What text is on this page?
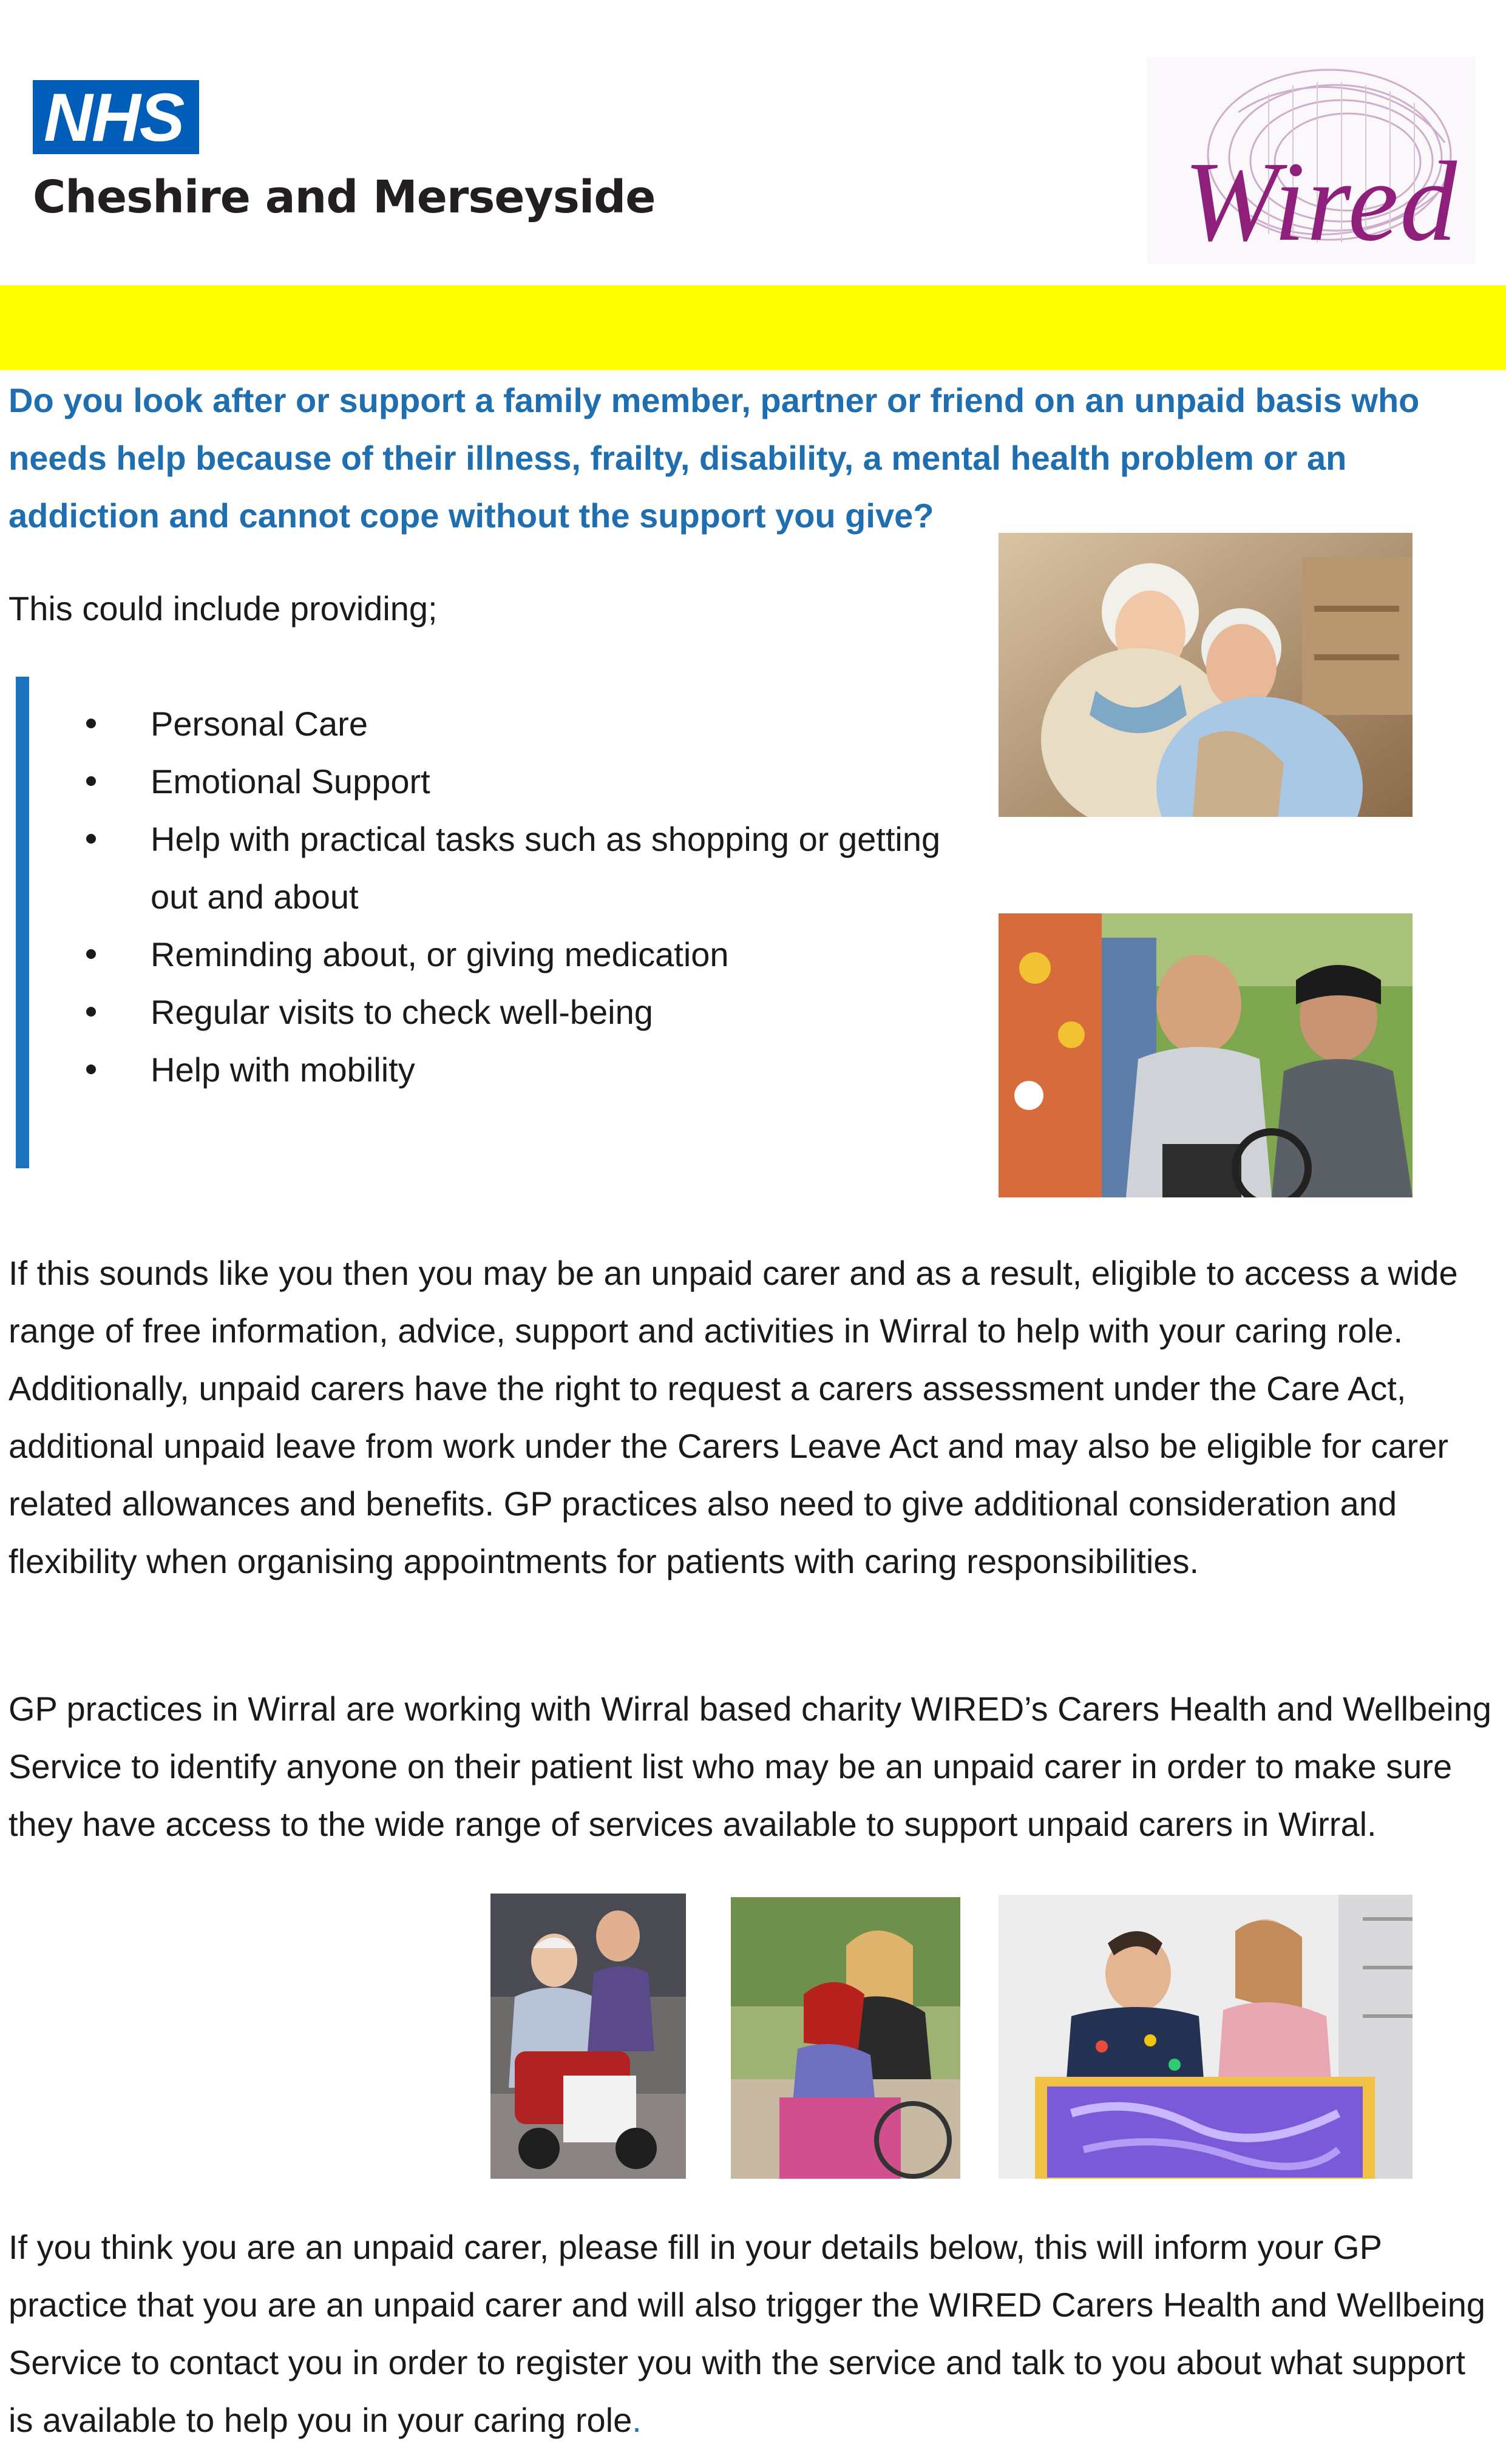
NHS
Cheshire and Merseyside	Wired

Do you look after or support a family member, partner or friend on an unpaid basis who needs help because of their illness, frailty, disability, a mental health problem or an addiction and cannot cope without the support you give?

This could include providing;

Personal Care
Emotional Support
Help with practical tasks such as shopping or getting out and about
Reminding about, or giving medication
Regular visits to check well-being
Help with mobility

If this sounds like you then you may be an unpaid carer and as a result, eligible to access a wide range of free information, advice, support and activities in Wirral to help with your caring role. Additionally, unpaid carers have the right to request a carers assessment under the Care Act, additional unpaid leave from work under the Carers Leave Act and may also be eligible for carer related allowances and benefits. GP practices also need to give additional consideration and flexibility when organising appointments for patients with caring responsibilities.

GP practices in Wirral are working with Wirral based charity WIRED’s Carers Health and Wellbeing Service to identify anyone on their patient list who may be an unpaid carer in order to make sure they have access to the wide range of services available to support unpaid carers in Wirral.

If you think you are an unpaid carer, please fill in your details below, this will inform your GP practice that you are an unpaid carer and will also trigger the WIRED Carers Health and Wellbeing Service to contact you in order to register you with the service and talk to you about what support is available to help you in your caring role.
